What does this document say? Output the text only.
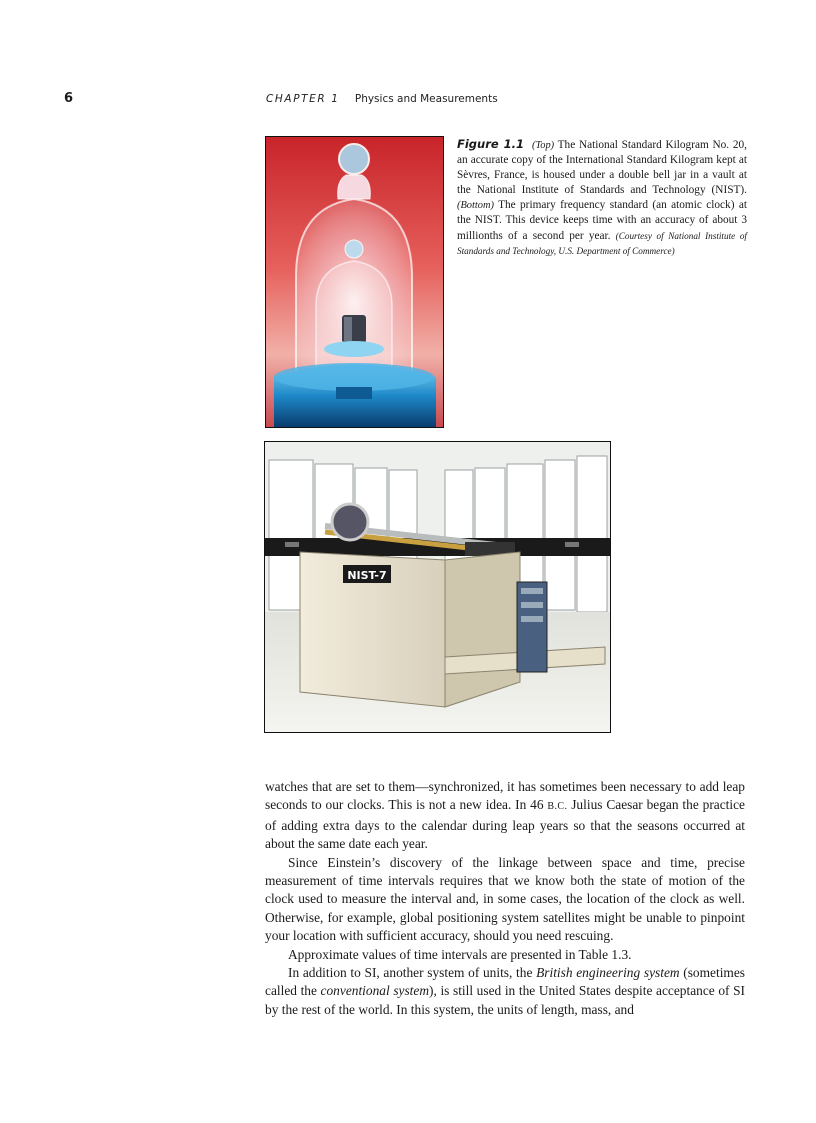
6	CHAPTER 1 Physics and Measurements
Figure 1.1 (Top) The National Standard Kilogram No. 20, an accurate copy of the International Standard Kilogram kept at Sèvres, France, is housed under a double bell jar in a vault at the National Institute of Standards and Technology (NIST). (Bottom) The primary frequency standard (an atomic clock) at the NIST. This device keeps time with an accuracy of about 3 millionths of a second per year. (Courtesy of National Institute of Standards and Technology, U.S. Department of Commerce)
NIST-7

watches that are set to them—synchronized, it has sometimes been necessary to add leap seconds to our clocks. This is not a new idea. In 46 B.C. Julius Caesar began the practice of adding extra days to the calendar during leap years so that the seasons occurred at about the same date each year.

Since Einstein’s discovery of the linkage between space and time, precise measurement of time intervals requires that we know both the state of motion of the clock used to measure the interval and, in some cases, the location of the clock as well. Otherwise, for example, global positioning system satellites might be unable to pinpoint your location with sufficient accuracy, should you need rescuing.

Approximate values of time intervals are presented in Table 1.3.

In addition to SI, another system of units, the British engineering system (sometimes called the conventional system), is still used in the United States despite acceptance of SI by the rest of the world. In this system, the units of length, mass, and
